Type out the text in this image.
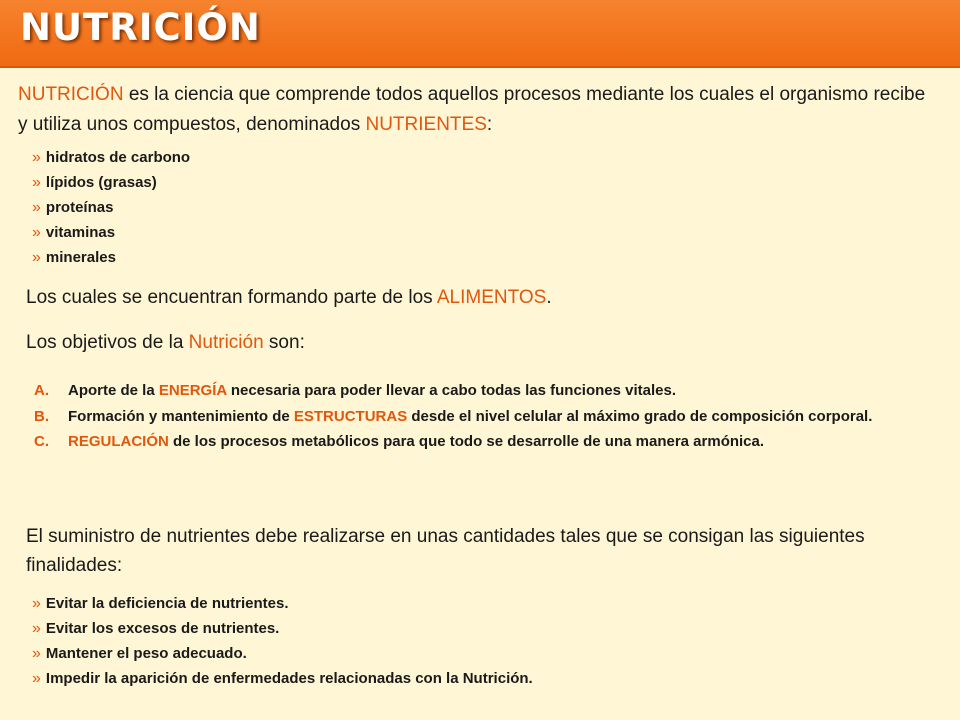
NUTRICIÓN

NUTRICIÓN es la ciencia que comprende todos aquellos procesos mediante los cuales el organismo recibe y utiliza unos compuestos, denominados NUTRIENTES:

» hidratos de carbono
» lípidos (grasas)
» proteínas
» vitaminas
» minerales

Los cuales se encuentran formando parte de los ALIMENTOS.

Los objetivos de la Nutrición son:

A. Aporte de la ENERGÍA necesaria para poder llevar a cabo todas las funciones vitales.
B. Formación y mantenimiento de ESTRUCTURAS desde el nivel celular al máximo grado de composición corporal.
C. REGULACIÓN de los procesos metabólicos para que todo se desarrolle de una manera armónica.

El suministro de nutrientes debe realizarse en unas cantidades tales que se consigan las siguientes finalidades:

» Evitar la deficiencia de nutrientes.
» Evitar los excesos de nutrientes.
» Mantener el peso adecuado.
» Impedir la aparición de enfermedades relacionadas con la Nutrición.
